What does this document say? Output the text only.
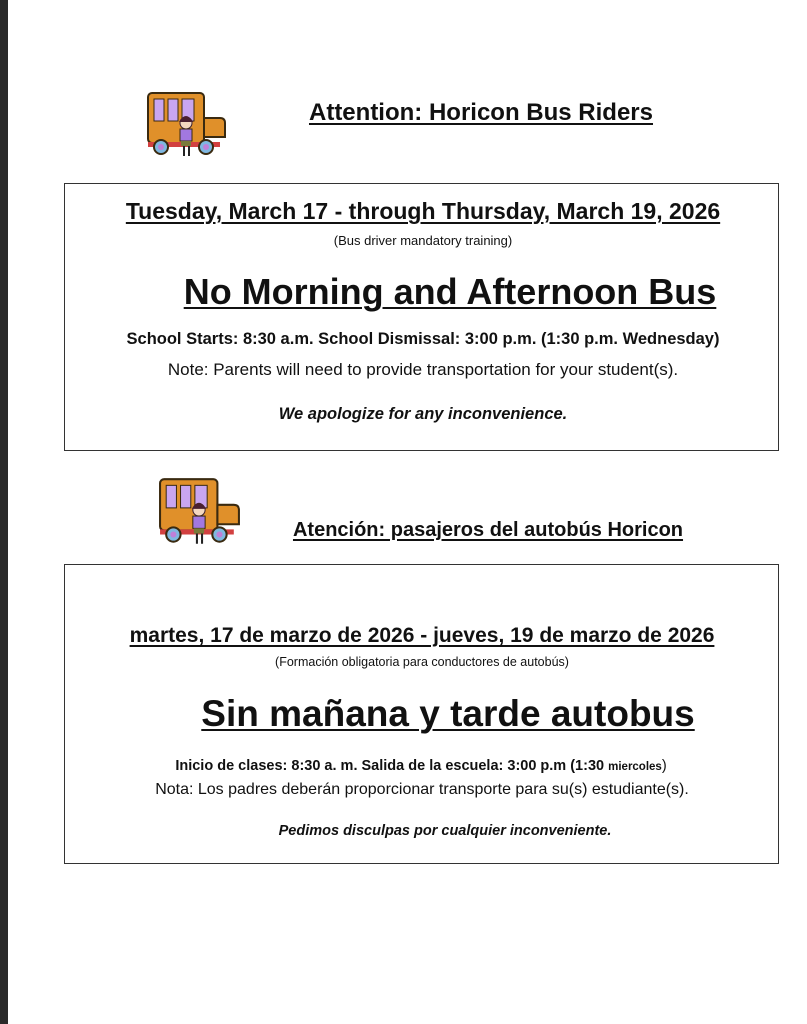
Attention: Horicon Bus Riders
Tuesday, March 17 - through Thursday, March 19, 2026
(Bus driver mandatory training)
No Morning and Afternoon Bus
School Starts: 8:30 a.m. School Dismissal: 3:00 p.m. (1:30 p.m. Wednesday)
Note: Parents will need to provide transportation for your student(s).
We apologize for any inconvenience.
Atención: pasajeros del autobús Horicon
martes, 17 de marzo de 2026 - jueves, 19 de marzo de 2026
(Formación obligatoria para conductores de autobús)
Sin mañana y tarde autobus
Inicio de clases: 8:30 a. m. Salida de la escuela: 3:00 p.m (1:30 miercoles)
Nota: Los padres deberán proporcionar transporte para su(s) estudiante(s).
Pedimos disculpas por cualquier inconveniente.
